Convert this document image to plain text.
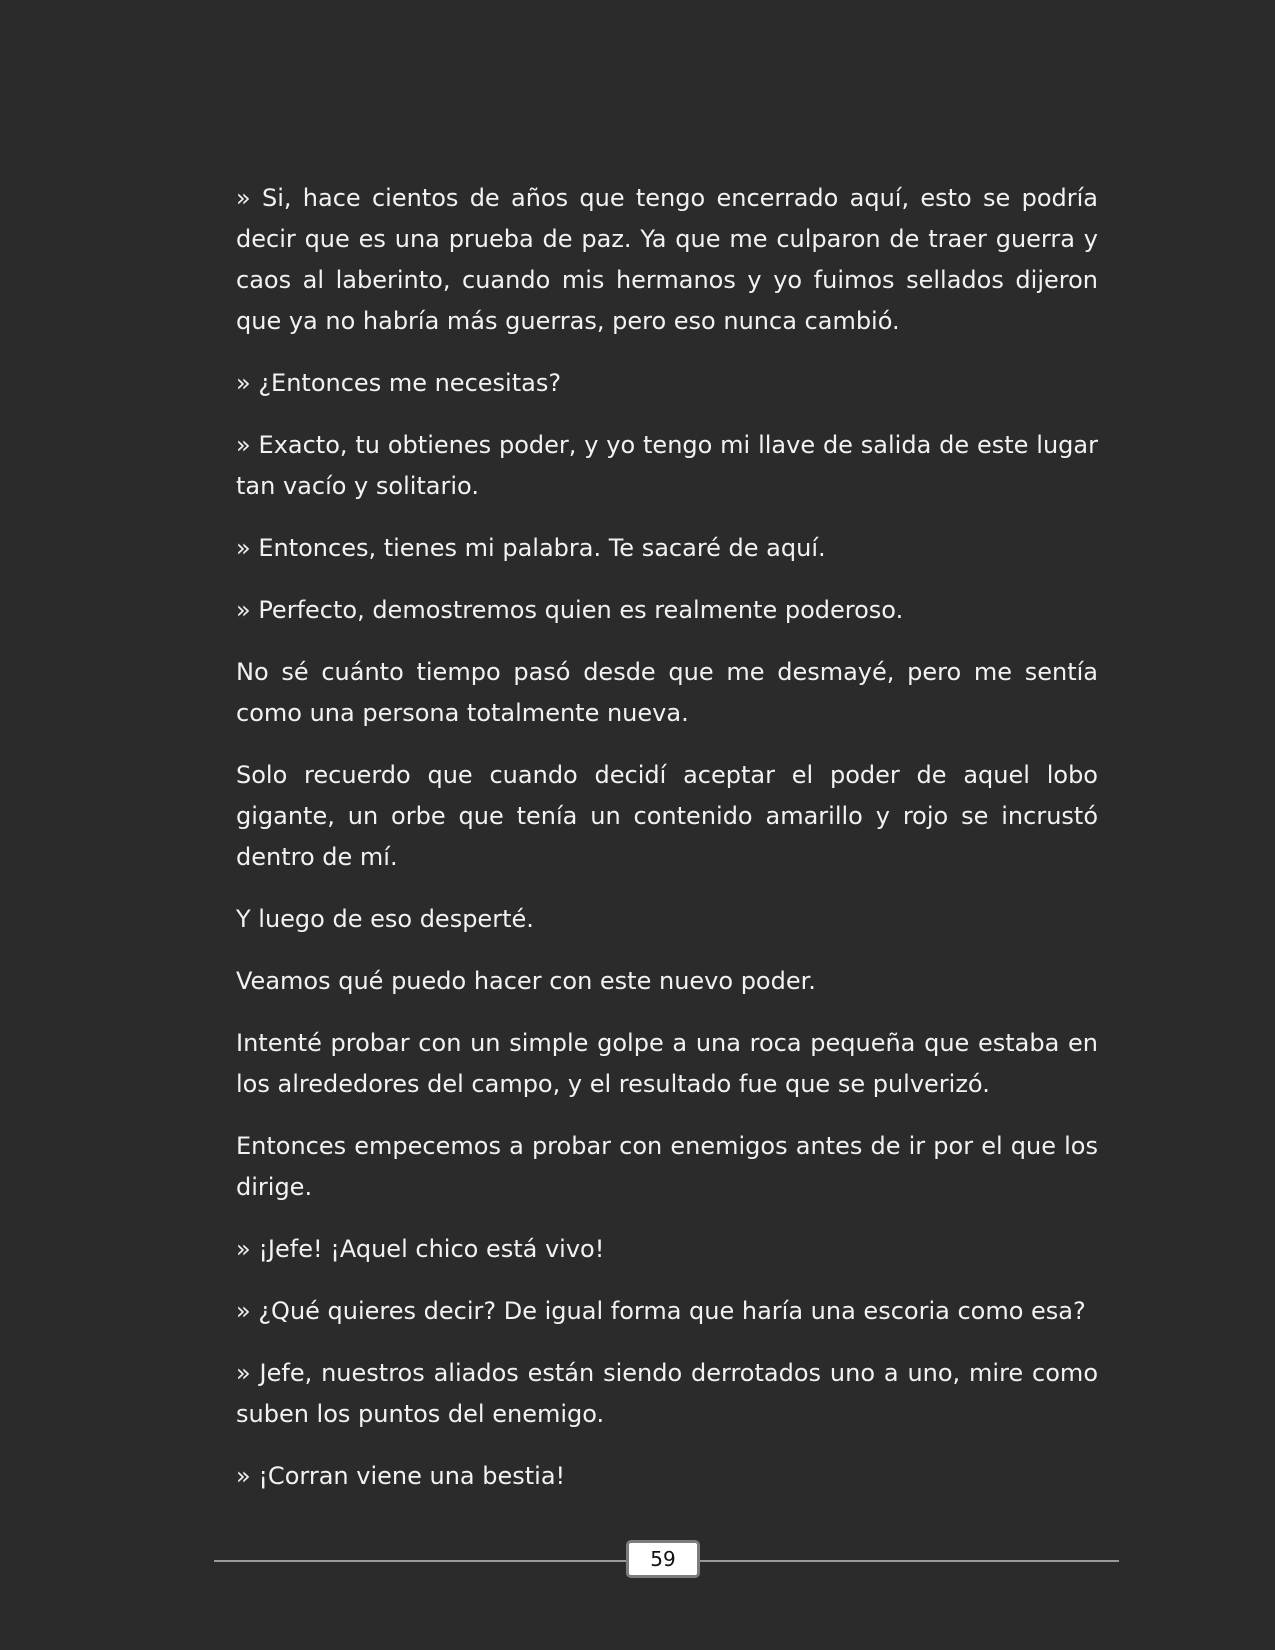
» Si, hace cientos de años que tengo encerrado aquí, esto se podría decir que es una prueba de paz. Ya que me culparon de traer guerra y caos al laberinto, cuando mis hermanos y yo fuimos sellados dijeron que ya no habría más guerras, pero eso nunca cambió.

» ¿Entonces me necesitas?

» Exacto, tu obtienes poder, y yo tengo mi llave de salida de este lugar tan vacío y solitario.

» Entonces, tienes mi palabra. Te sacaré de aquí.

» Perfecto, demostremos quien es realmente poderoso.

No sé cuánto tiempo pasó desde que me desmayé, pero me sentía como una persona totalmente nueva.

Solo recuerdo que cuando decidí aceptar el poder de aquel lobo gigante, un orbe que tenía un contenido amarillo y rojo se incrustó dentro de mí.

Y luego de eso desperté.

Veamos qué puedo hacer con este nuevo poder.

Intenté probar con un simple golpe a una roca pequeña que estaba en los alrededores del campo, y el resultado fue que se pulverizó.

Entonces empecemos a probar con enemigos antes de ir por el que los dirige.

» ¡Jefe! ¡Aquel chico está vivo!

» ¿Qué quieres decir? De igual forma que haría una escoria como esa?

» Jefe, nuestros aliados están siendo derrotados uno a uno, mire como suben los puntos del enemigo.

» ¡Corran viene una bestia!

59
